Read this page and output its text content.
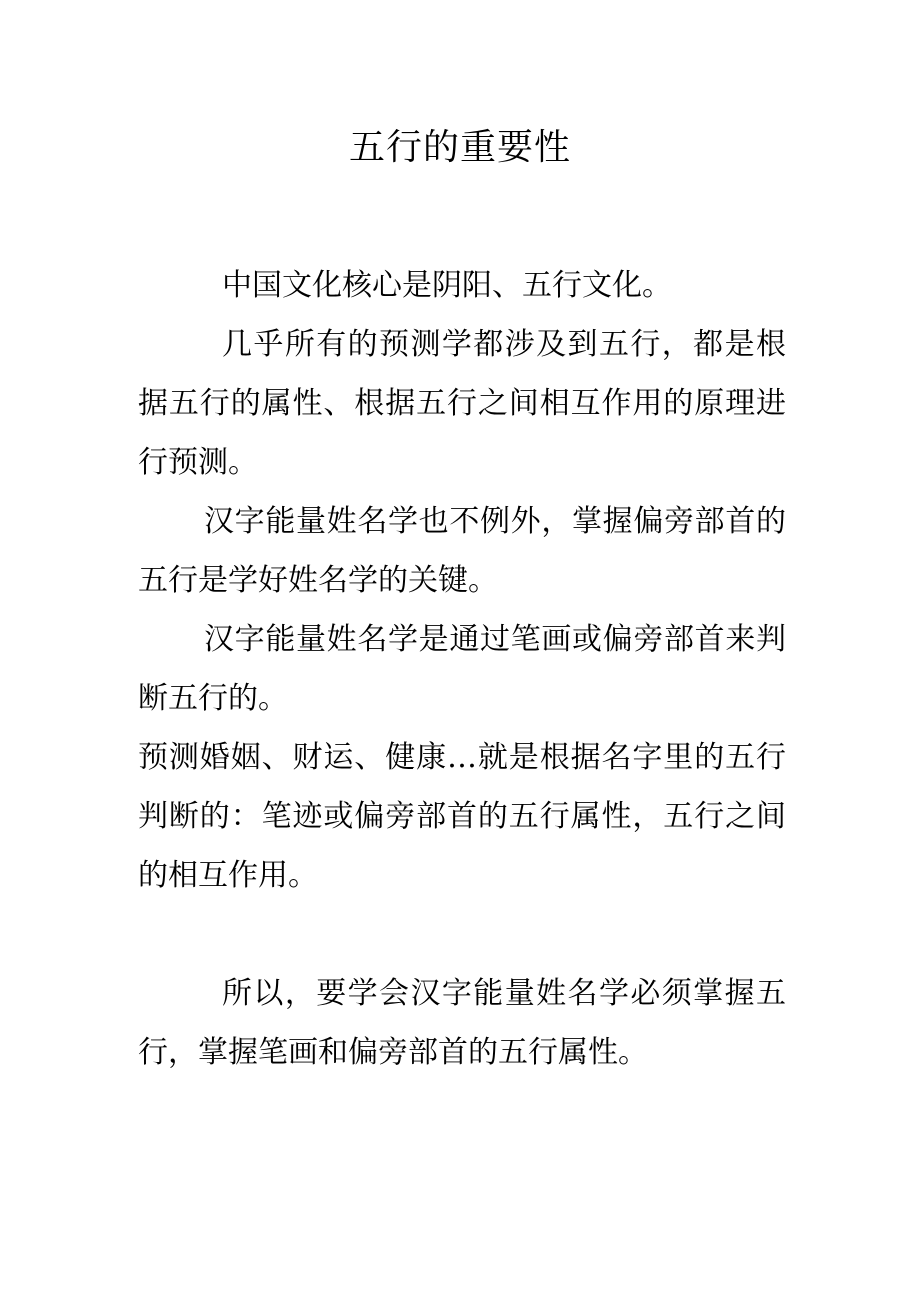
五行的重要性

中国文化核心是阴阳、五行文化。

几乎所有的预测学都涉及到五行，都是根据五行的属性、根据五行之间相互作用的原理进行预测。

汉字能量姓名学也不例外，掌握偏旁部首的五行是学好姓名学的关键。

汉字能量姓名学是通过笔画或偏旁部首来判断五行的。

预测婚姻、财运、健康…就是根据名字里的五行判断的：笔迹或偏旁部首的五行属性，五行之间的相互作用。

所以，要学会汉字能量姓名学必须掌握五行，掌握笔画和偏旁部首的五行属性。
